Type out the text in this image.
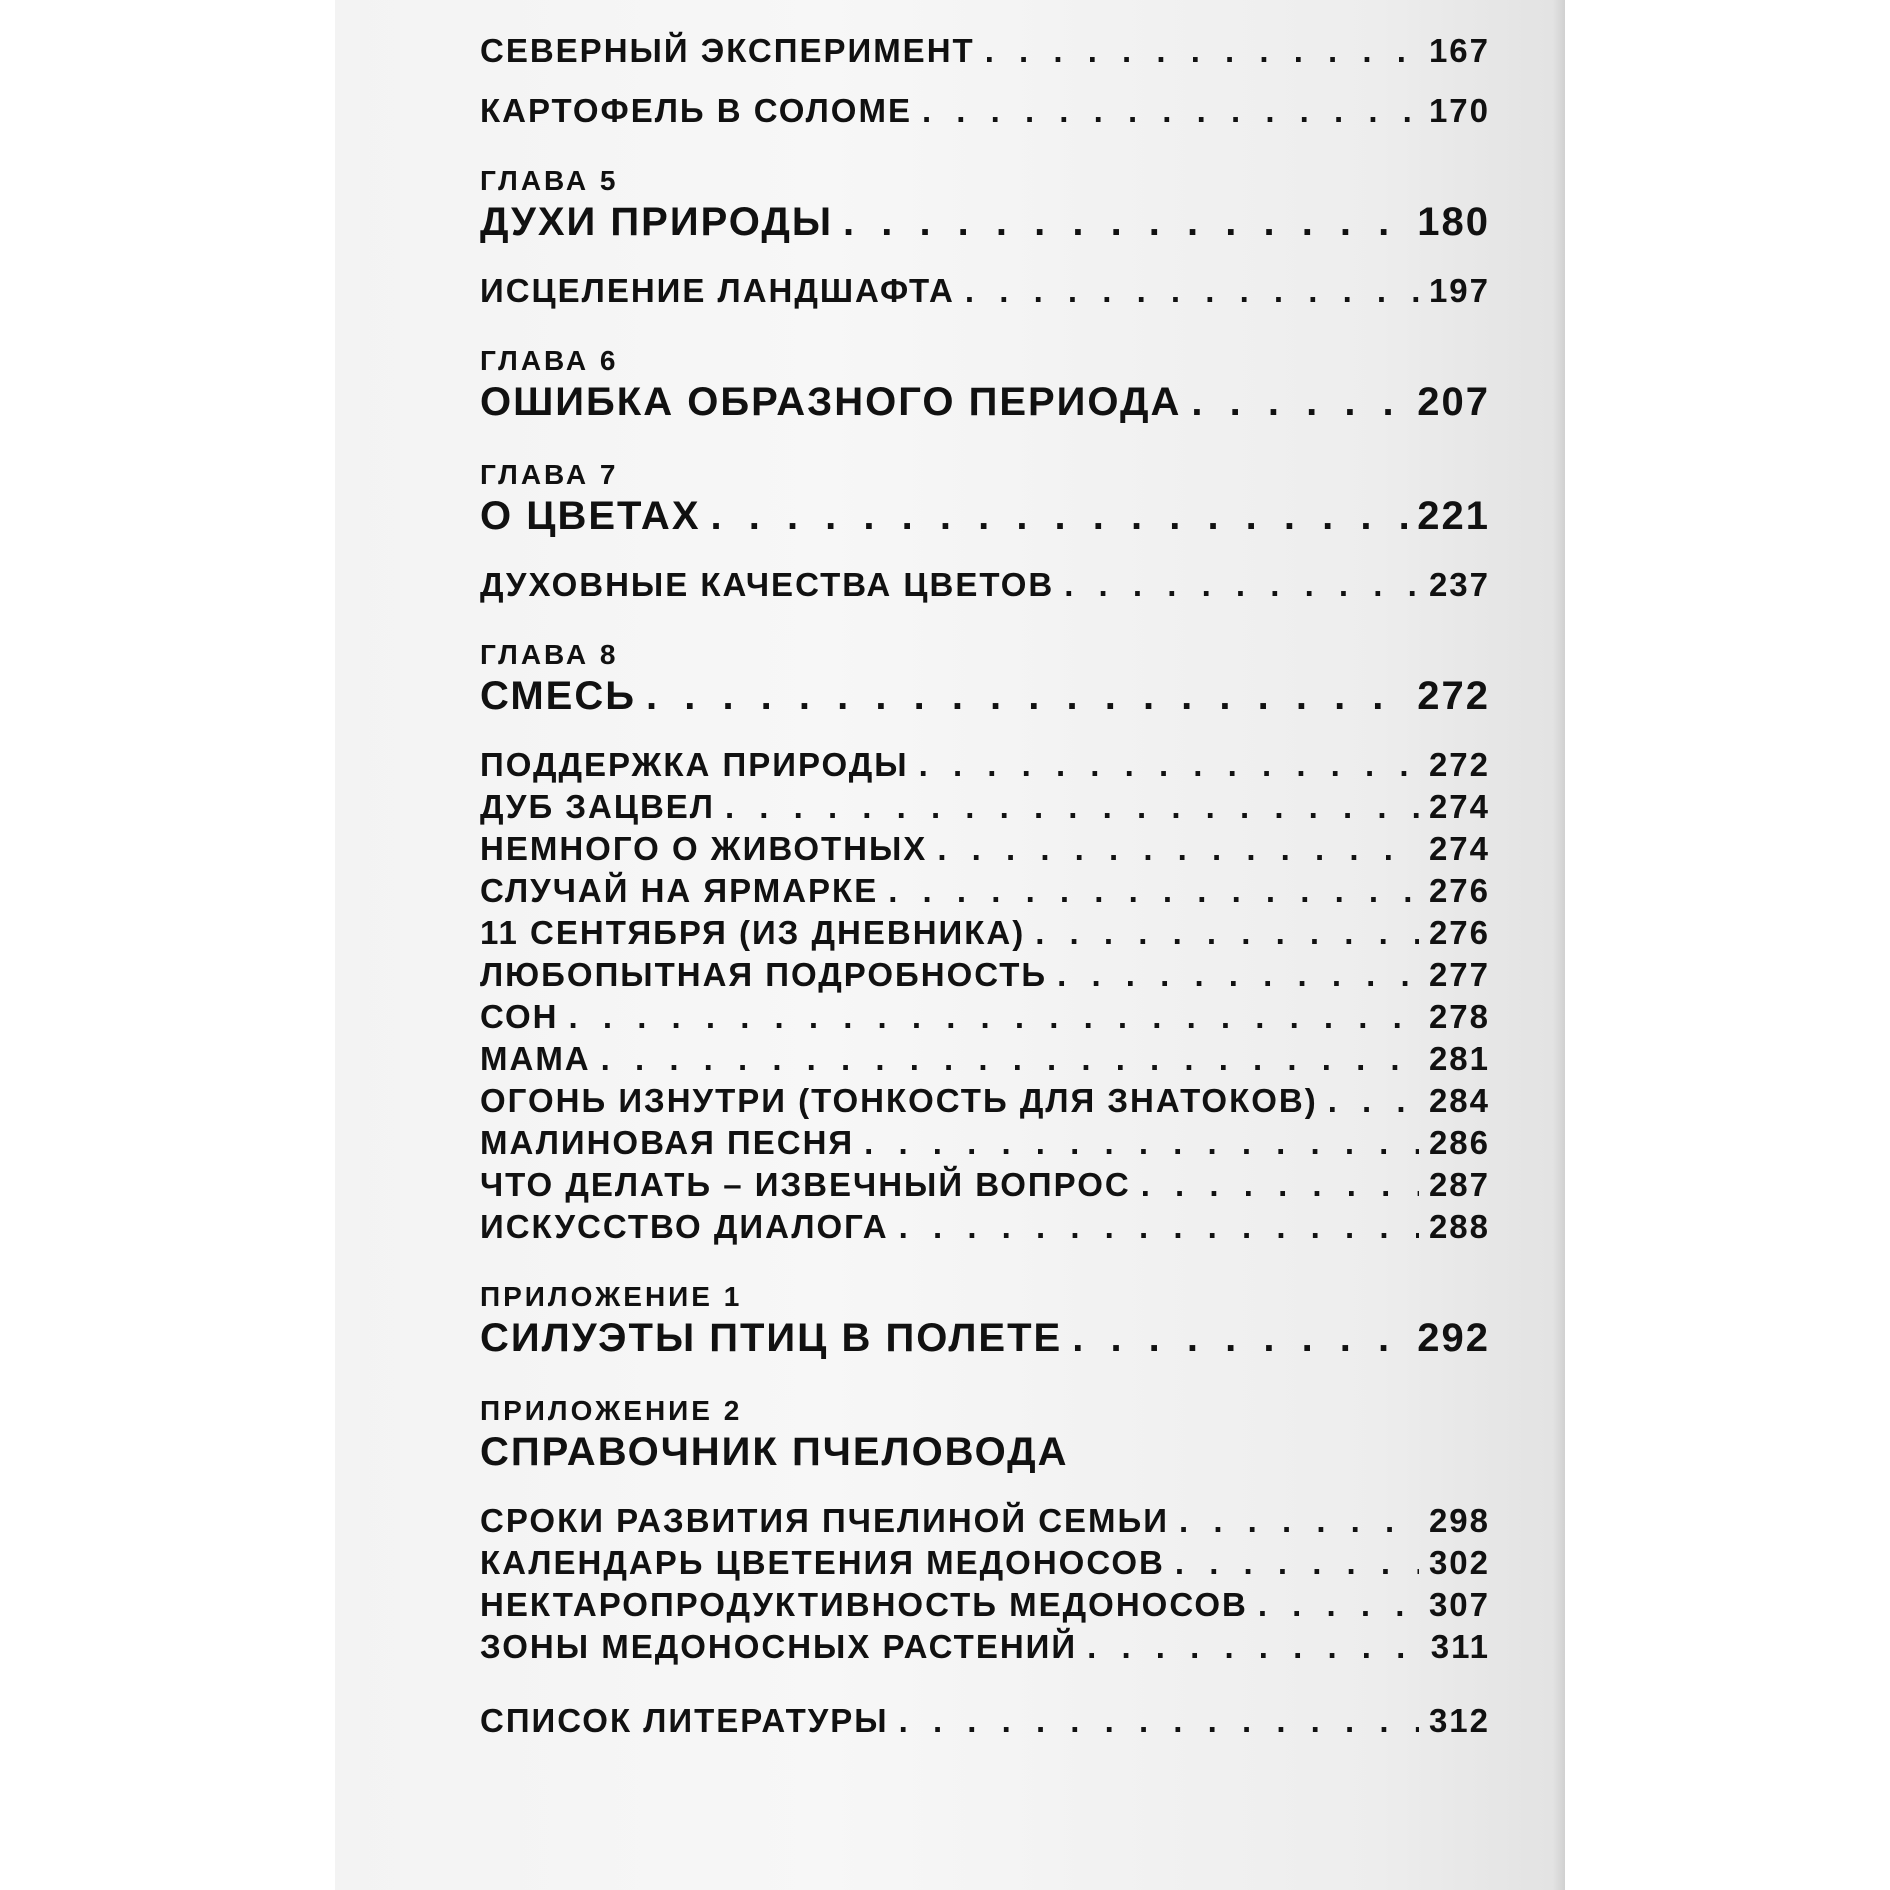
СЕВЕРНЫЙ ЭКСПЕРИМЕНТ . . .	167
КАРТОФЕЛЬ В СОЛОМЕ . . .	170
ГЛАВА 5
ДУХИ ПРИРОДЫ . . .	180
ИСЦЕЛЕНИЕ ЛАНДШАФТА . . .	197
ГЛАВА 6
ОШИБКА ОБРАЗНОГО ПЕРИОДА . . .	207
ГЛАВА 7
О ЦВЕТАХ . . .	221
ДУХОВНЫЕ КАЧЕСТВА ЦВЕТОВ . . .	237
ГЛАВА 8
СМЕСЬ . . .	272
ПОДДЕРЖКА ПРИРОДЫ . . .	272
ДУБ ЗАЦВЕЛ . . .	274
НЕМНОГО О ЖИВОТНЫХ . . .	274
СЛУЧАЙ НА ЯРМАРКЕ . . .	276
11 СЕНТЯБРЯ (ИЗ ДНЕВНИКА) . . .	276
ЛЮБОПЫТНАЯ ПОДРОБНОСТЬ . . .	277
СОН . . .	278
МАМА . . .	281
ОГОНЬ ИЗНУТРИ (ТОНКОСТЬ ДЛЯ ЗНАТОКОВ) . . .	284
МАЛИНОВАЯ ПЕСНЯ . . .	286
ЧТО ДЕЛАТЬ – ИЗВЕЧНЫЙ ВОПРОС . . .	287
ИСКУССТВО ДИАЛОГА . . .	288
ПРИЛОЖЕНИЕ 1
СИЛУЭТЫ ПТИЦ В ПОЛЕТЕ . . .	292
ПРИЛОЖЕНИЕ 2
СПРАВОЧНИК ПЧЕЛОВОДА
СРОКИ РАЗВИТИЯ ПЧЕЛИНОЙ СЕМЬИ . . .	298
КАЛЕНДАРЬ ЦВЕТЕНИЯ МЕДОНОСОВ . . .	302
НЕКТАРОПРОДУКТИВНОСТЬ МЕДОНОСОВ . . .	307
ЗОНЫ МЕДОНОСНЫХ РАСТЕНИЙ . . .	311
СПИСОК ЛИТЕРАТУРЫ . . .	312
